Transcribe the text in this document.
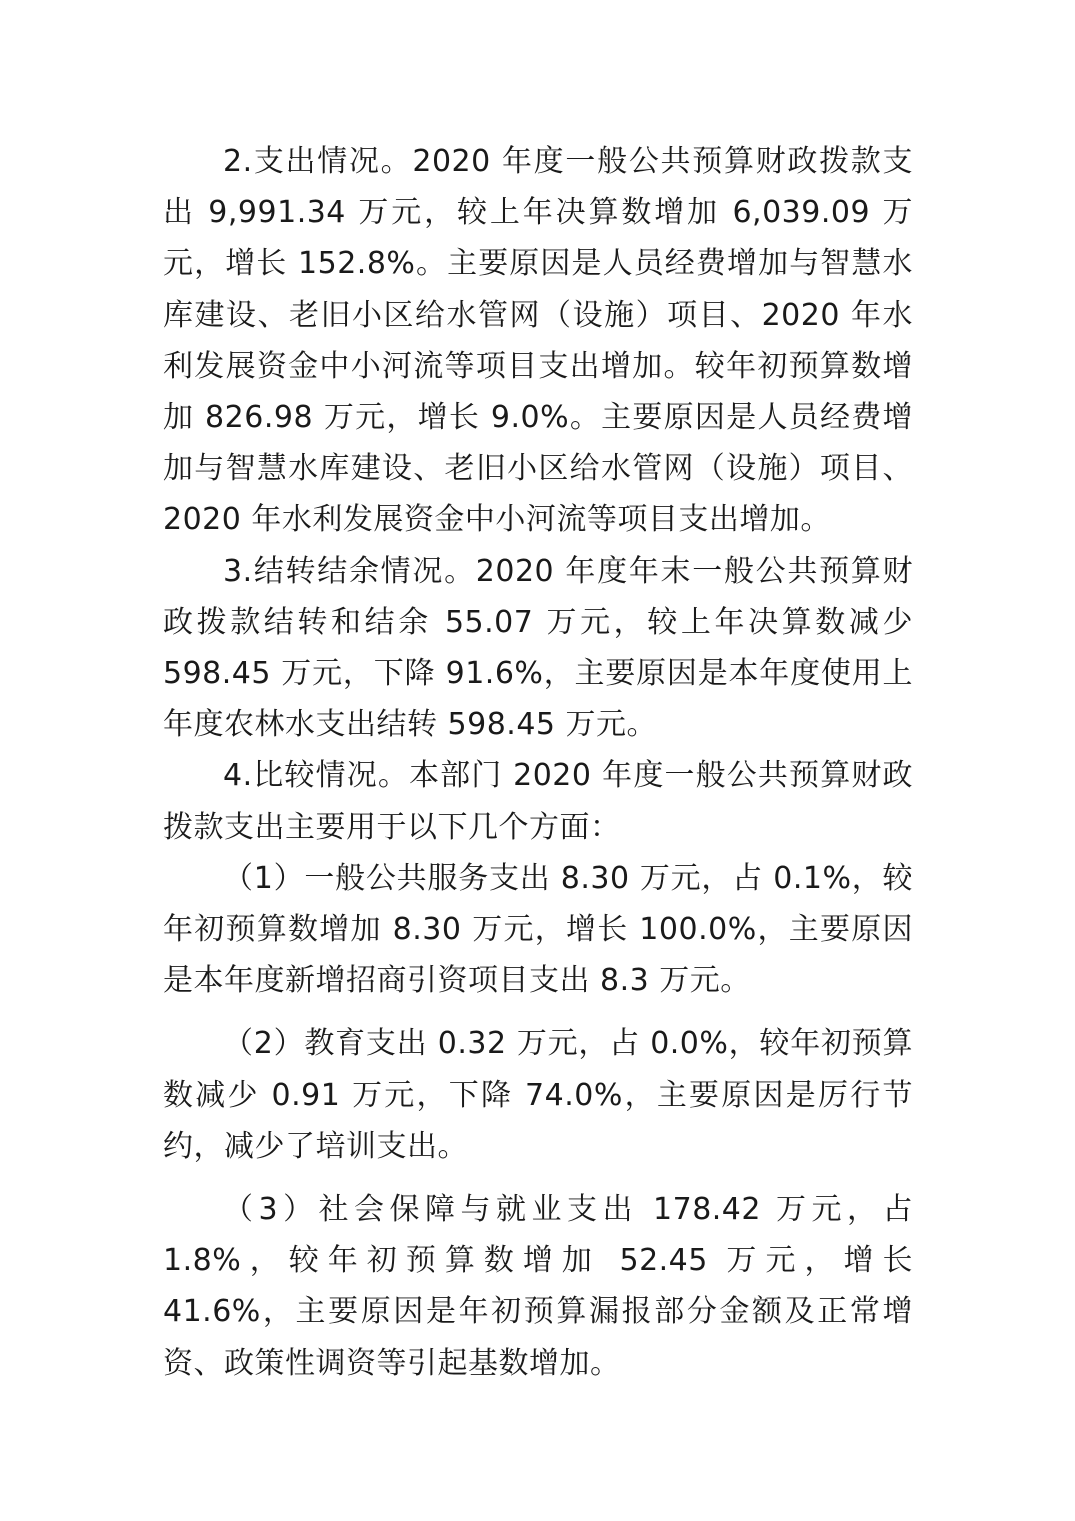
2.支出情况。2020 年度一般公共预算财政拨款支出 9,991.34 万元，较上年决算数增加 6,039.09 万元，增长 152.8%。主要原因是人员经费增加与智慧水库建设、老旧小区给水管网（设施）项目、2020 年水利发展资金中小河流等项目支出增加。较年初预算数增加 826.98 万元，增长 9.0%。主要原因是人员经费增加与智慧水库建设、老旧小区给水管网（设施）项目、2020 年水利发展资金中小河流等项目支出增加。

3.结转结余情况。2020 年度年末一般公共预算财政拨款结转和结余 55.07 万元，较上年决算数减少 598.45 万元，下降 91.6%，主要原因是本年度使用上年度农林水支出结转 598.45 万元。

4.比较情况。本部门 2020 年度一般公共预算财政拨款支出主要用于以下几个方面：

（1）一般公共服务支出 8.30 万元，占 0.1%，较年初预算数增加 8.30 万元，增长 100.0%，主要原因是本年度新增招商引资项目支出 8.3 万元。

（2）教育支出 0.32 万元，占 0.0%，较年初预算数减少 0.91 万元，下降 74.0%，主要原因是厉行节约，减少了培训支出。

（3）社会保障与就业支出 178.42 万元，占 1.8%，较年初预算数增加 52.45 万元，增长 41.6%，主要原因是年初预算漏报部分金额及正常增资、政策性调资等引起基数增加。
